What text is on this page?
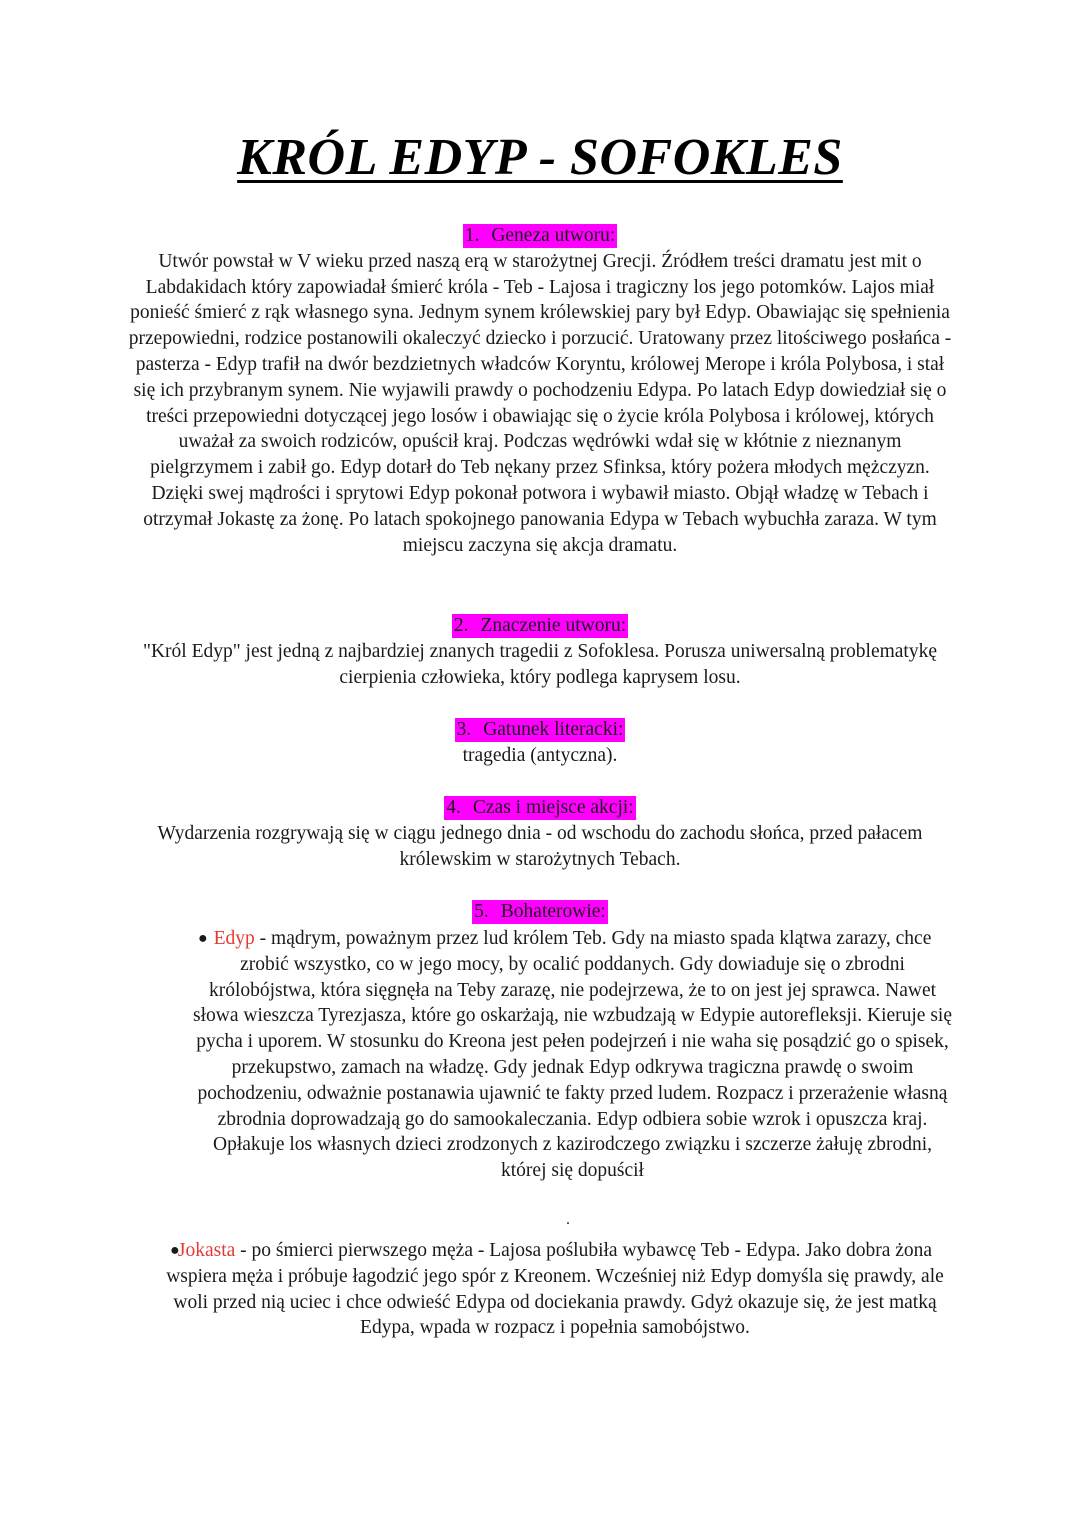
KRÓL EDYP - SOFOKLES
1. Geneza utworu:
Utwór powstał w V wieku przed naszą erą w starożytnej Grecji. Źródłem treści dramatu jest mit o Labdakidach który zapowiadał śmierć króla - Teb - Lajosa i tragiczny los jego potomków. Lajos miał ponieść śmierć z rąk własnego syna. Jednym synem królewskiej pary był Edyp. Obawiając się spełnienia przepowiedni, rodzice postanowili okaleczyć dziecko i porzucić. Uratowany przez litościwego posłańca - pasterza - Edyp trafił na dwór bezdzietnych władców Koryntu, królowej Merope i króla Polybosa, i stał się ich przybranym synem. Nie wyjawili prawdy o pochodzeniu Edypa. Po latach Edyp dowiedział się o treści przepowiedni dotyczącej jego losów i obawiając się o życie króla Polybosa i królowej, których uważał za swoich rodziców, opuścił kraj. Podczas wędrówki wdał się w kłótnie z nieznanym pielgrzymem i zabił go. Edyp dotarł do Teb nękany przez Sfinksa, który pożera młodych mężczyzn. Dzięki swej mądrości i sprytowi Edyp pokonał potwora i wybawił miasto. Objął władzę w Tebach i otrzymał Jokastę za żonę. Po latach spokojnego panowania Edypa w Tebach wybuchła zaraza. W tym miejscu zaczyna się akcja dramatu.
2. Znaczenie utworu:
"Król Edyp" jest jedną z najbardziej znanych tragedii z Sofoklesa. Porusza uniwersalną problematykę cierpienia człowieka, który podlega kaprysem losu.
3. Gatunek literacki:
tragedia (antyczna).
4. Czas i miejsce akcji:
Wydarzenia rozgrywają się w ciągu jednego dnia - od wschodu do zachodu słońca, przed pałacem królewskim w starożytnych Tebach.
5. Bohaterowie:
● Edyp - mądrym, poważnym przez lud królem Teb. Gdy na miasto spada klątwa zarazy, chce zrobić wszystko, co w jego mocy, by ocalić poddanych. Gdy dowiaduje się o zbrodni królobójstwa, która sięgnęła na Teby zarazę, nie podejrzewa, że to on jest jej sprawca. Nawet słowa wieszcza Tyrezjasza, które go oskarżają, nie wzbudzają w Edypie autorefleksji. Kieruje się pycha i uporem. W stosunku do Kreona jest pełen podejrzeń i nie waha się posądzić go o spisek, przekupstwo, zamach na władzę. Gdy jednak Edyp odkrywa tragiczna prawdę o swoim pochodzeniu, odważnie postanawia ujawnić te fakty przed ludem. Rozpacz i przerażenie własną zbrodnia doprowadzają go do samookaleczania. Edyp odbiera sobie wzrok i opuszcza kraj. Opłakuje los własnych dzieci zrodzonych z kazirodczego związku i szczerze żałuję zbrodni, której się dopuścił
.
●
Jokasta - po śmierci pierwszego męża - Lajosa poślubiła wybawcę Teb - Edypa. Jako dobra żona wspiera męża i próbuje łagodzić jego spór z Kreonem. Wcześniej niż Edyp domyśla się prawdy, ale woli przed nią uciec i chce odwieść Edypa od dociekania prawdy. Gdyż okazuje się, że jest matką Edypa, wpada w rozpacz i popełnia samobójstwo.
